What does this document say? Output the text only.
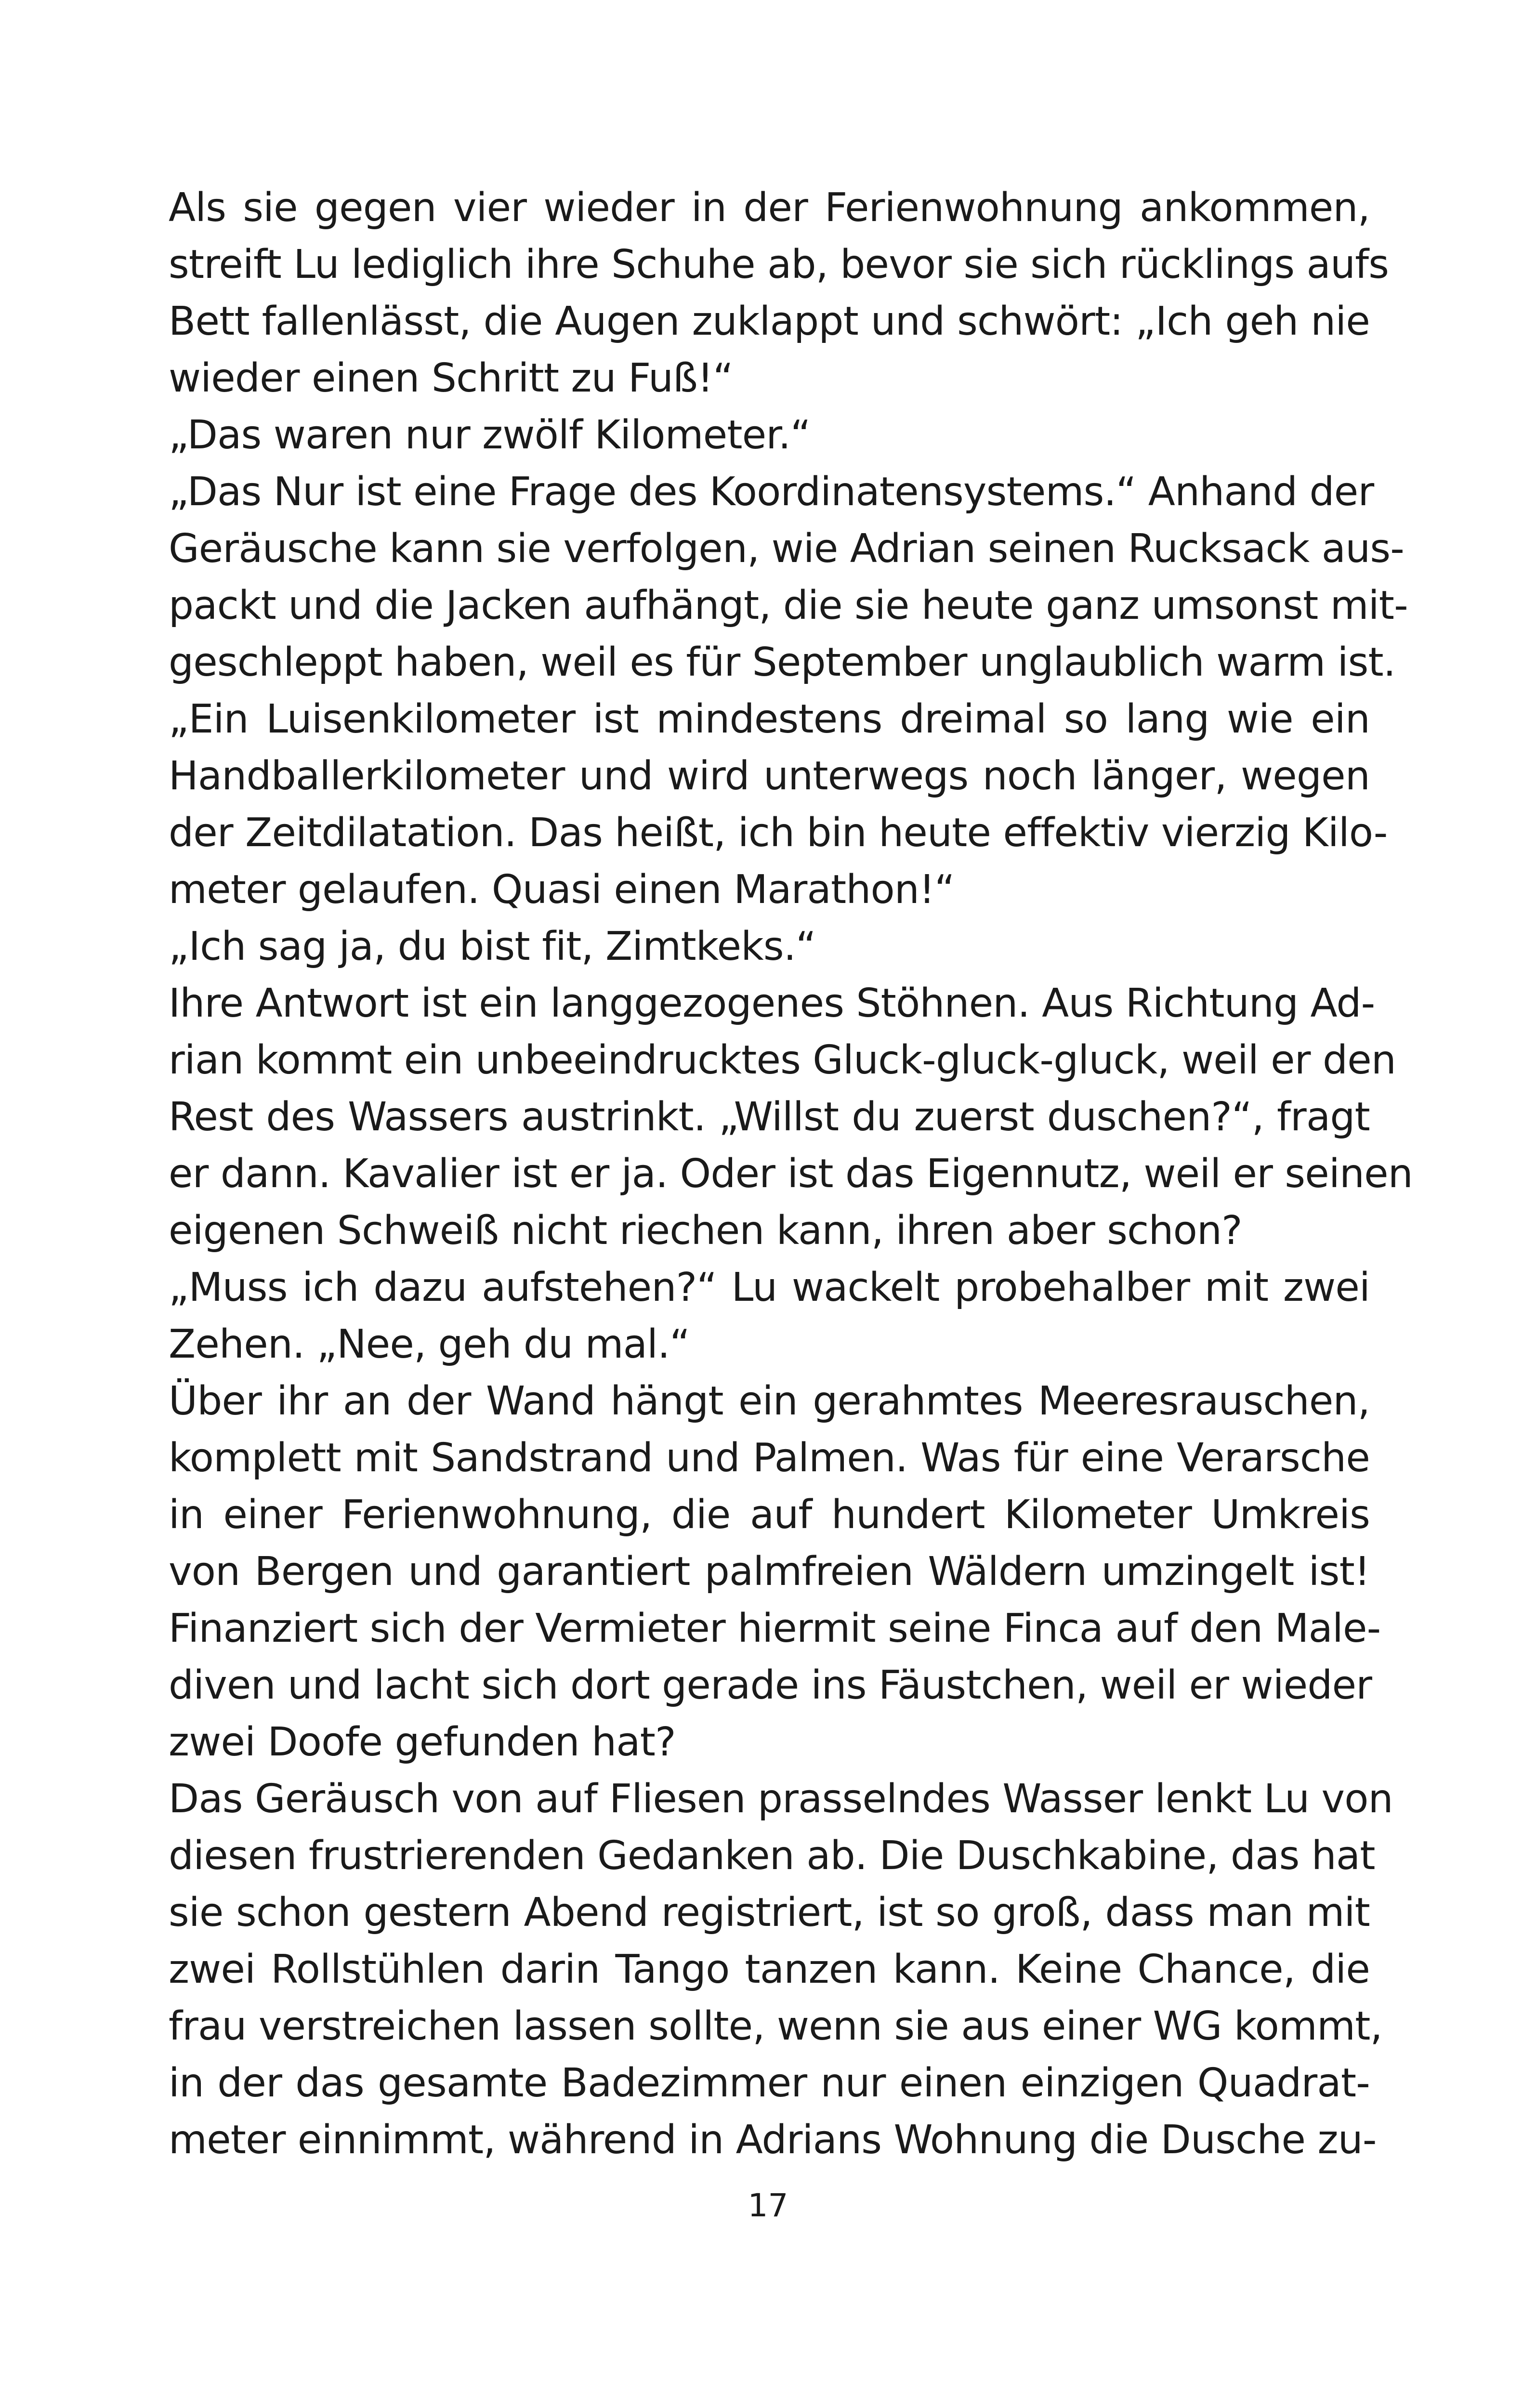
Als sie gegen vier wieder in der Ferienwohnung ankommen,
streift Lu lediglich ihre Schuhe ab, bevor sie sich rücklings aufs
Bett fallenlässt, die Augen zuklappt und schwört: „Ich geh nie
wieder einen Schritt zu Fuß!“
„Das waren nur zwölf Kilometer.“
„Das Nur ist eine Frage des Koordinatensystems.“ Anhand der
Geräusche kann sie verfolgen, wie Adrian seinen Rucksack aus-
packt und die Jacken aufhängt, die sie heute ganz umsonst mit-
geschleppt haben, weil es für September unglaublich warm ist.
„Ein Luisenkilometer ist mindestens dreimal so lang wie ein
Handballerkilometer und wird unterwegs noch länger, wegen
der Zeitdilatation. Das heißt, ich bin heute effektiv vierzig Kilo-
meter gelaufen. Quasi einen Marathon!“
„Ich sag ja, du bist fit, Zimtkeks.“
Ihre Antwort ist ein langgezogenes Stöhnen. Aus Richtung Ad-
rian kommt ein unbeeindrucktes Gluck-gluck-gluck, weil er den
Rest des Wassers austrinkt. „Willst du zuerst duschen?“, fragt
er dann. Kavalier ist er ja. Oder ist das Eigennutz, weil er seinen
eigenen Schweiß nicht riechen kann, ihren aber schon?
„Muss ich dazu aufstehen?“ Lu wackelt probehalber mit zwei
Zehen. „Nee, geh du mal.“
Über ihr an der Wand hängt ein gerahmtes Meeresrauschen,
komplett mit Sandstrand und Palmen. Was für eine Verarsche
in einer Ferienwohnung, die auf hundert Kilometer Umkreis
von Bergen und garantiert palmfreien Wäldern umzingelt ist!
Finanziert sich der Vermieter hiermit seine Finca auf den Male-
diven und lacht sich dort gerade ins Fäustchen, weil er wieder
zwei Doofe gefunden hat?
Das Geräusch von auf Fliesen prasselndes Wasser lenkt Lu von
diesen frustrierenden Gedanken ab. Die Duschkabine, das hat
sie schon gestern Abend registriert, ist so groß, dass man mit
zwei Rollstühlen darin Tango tanzen kann. Keine Chance, die
frau verstreichen lassen sollte, wenn sie aus einer WG kommt,
in der das gesamte Badezimmer nur einen einzigen Quadrat-
meter einnimmt, während in Adrians Wohnung die Dusche zu-
17
